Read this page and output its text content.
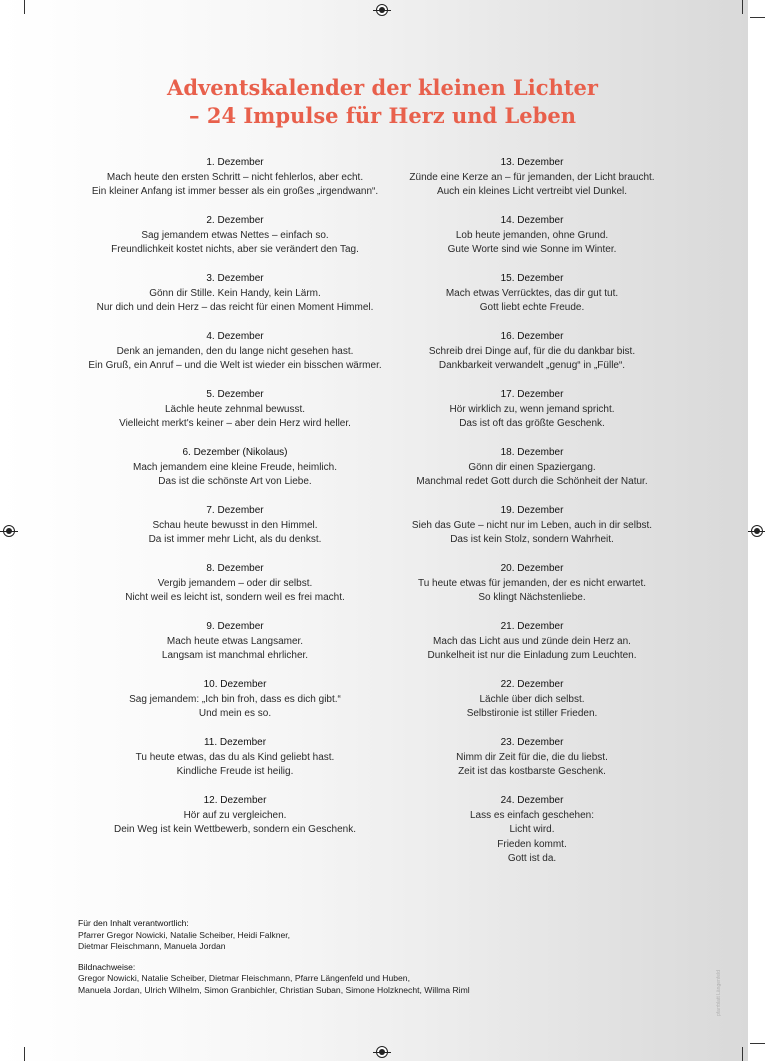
Adventskalender der kleinen Lichter
– 24 Impulse für Herz und Leben
1. Dezember
Mach heute den ersten Schritt – nicht fehlerlos, aber echt.
Ein kleiner Anfang ist immer besser als ein großes „irgendwann“.
2. Dezember
Sag jemandem etwas Nettes – einfach so.
Freundlichkeit kostet nichts, aber sie verändert den Tag.
3. Dezember
Gönn dir Stille. Kein Handy, kein Lärm.
Nur dich und dein Herz – das reicht für einen Moment Himmel.
4. Dezember
Denk an jemanden, den du lange nicht gesehen hast.
Ein Gruß, ein Anruf – und die Welt ist wieder ein bisschen wärmer.
5. Dezember
Lächle heute zehnmal bewusst.
Vielleicht merkt's keiner – aber dein Herz wird heller.
6. Dezember (Nikolaus)
Mach jemandem eine kleine Freude, heimlich.
Das ist die schönste Art von Liebe.
7. Dezember
Schau heute bewusst in den Himmel.
Da ist immer mehr Licht, als du denkst.
8. Dezember
Vergib jemandem – oder dir selbst.
Nicht weil es leicht ist, sondern weil es frei macht.
9. Dezember
Mach heute etwas Langsamer.
Langsam ist manchmal ehrlicher.
10. Dezember
Sag jemandem: „Ich bin froh, dass es dich gibt.“
Und mein es so.
11. Dezember
Tu heute etwas, das du als Kind geliebt hast.
Kindliche Freude ist heilig.
12. Dezember
Hör auf zu vergleichen.
Dein Weg ist kein Wettbewerb, sondern ein Geschenk.
13. Dezember
Zünde eine Kerze an – für jemanden, der Licht braucht.
Auch ein kleines Licht vertreibt viel Dunkel.
14. Dezember
Lob heute jemanden, ohne Grund.
Gute Worte sind wie Sonne im Winter.
15. Dezember
Mach etwas Verrücktes, das dir gut tut.
Gott liebt echte Freude.
16. Dezember
Schreib drei Dinge auf, für die du dankbar bist.
Dankbarkeit verwandelt „genug“ in „Fülle“.
17. Dezember
Hör wirklich zu, wenn jemand spricht.
Das ist oft das größte Geschenk.
18. Dezember
Gönn dir einen Spaziergang.
Manchmal redet Gott durch die Schönheit der Natur.
19. Dezember
Sieh das Gute – nicht nur im Leben, auch in dir selbst.
Das ist kein Stolz, sondern Wahrheit.
20. Dezember
Tu heute etwas für jemanden, der es nicht erwartet.
So klingt Nächstenliebe.
21. Dezember
Mach das Licht aus und zünde dein Herz an.
Dunkelheit ist nur die Einladung zum Leuchten.
22. Dezember
Lächle über dich selbst.
Selbstironie ist stiller Frieden.
23. Dezember
Nimm dir Zeit für die, die du liebst.
Zeit ist das kostbarste Geschenk.
24. Dezember
Lass es einfach geschehen:
Licht wird.
Frieden kommt.
Gott ist da.
Für den Inhalt verantwortlich:
Pfarrer Gregor Nowicki, Natalie Scheiber, Heidi Falkner,
Dietmar Fleischmann, Manuela Jordan
Bildnachweise:
Gregor Nowicki, Natalie Scheiber, Dietmar Fleischmann, Pfarre Längenfeld und Huben,
Manuela Jordan, Ulrich Wilhelm, Simon Granbichler, Christian Suban, Simone Holzknecht, Willma Riml	pfarrblatt Längenfeld
